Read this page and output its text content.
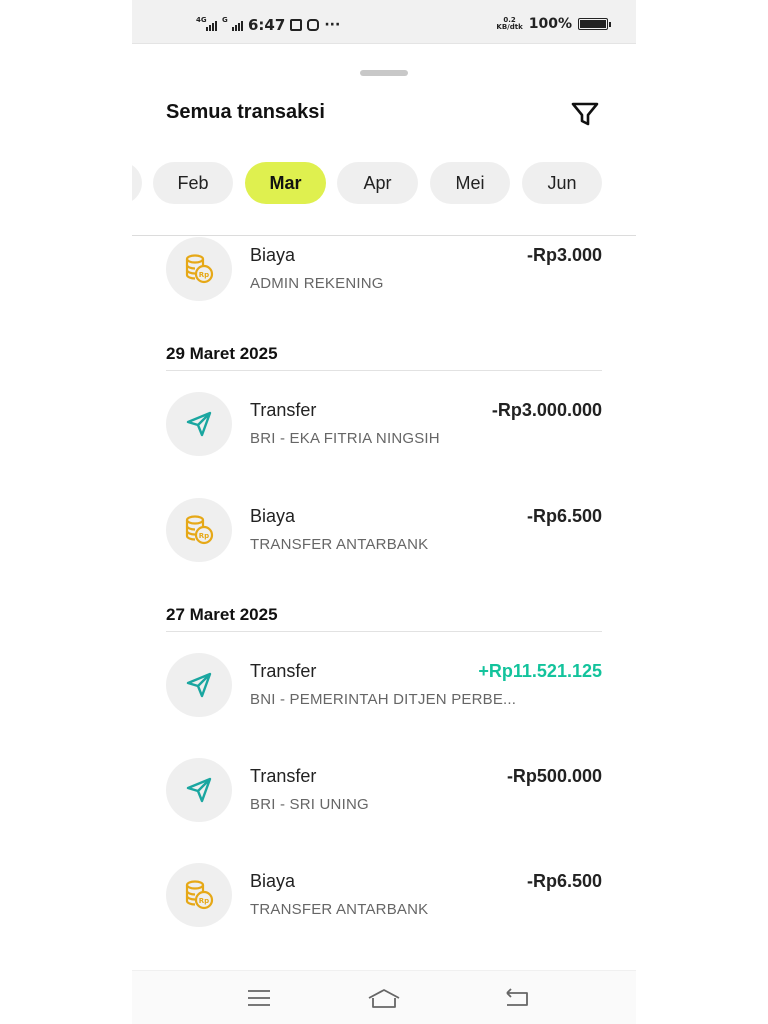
4G G 6:47	···	0.2
KB/dtk 100%
Semua transaksi
Feb	Mar	Apr	Mei	Jun
Rp
Biaya
ADMIN REKENING
-Rp3.000
29 Maret 2025
Transfer
BRI - EKA FITRIA NINGSIH
-Rp3.000.000
Rp
Biaya
TRANSFER ANTARBANK
-Rp6.500
27 Maret 2025
Transfer
BNI - PEMERINTAH DITJEN PERBE...
+Rp11.521.125
Transfer
BRI - SRI UNING
-Rp500.000
Rp
Biaya
TRANSFER ANTARBANK
-Rp6.500
